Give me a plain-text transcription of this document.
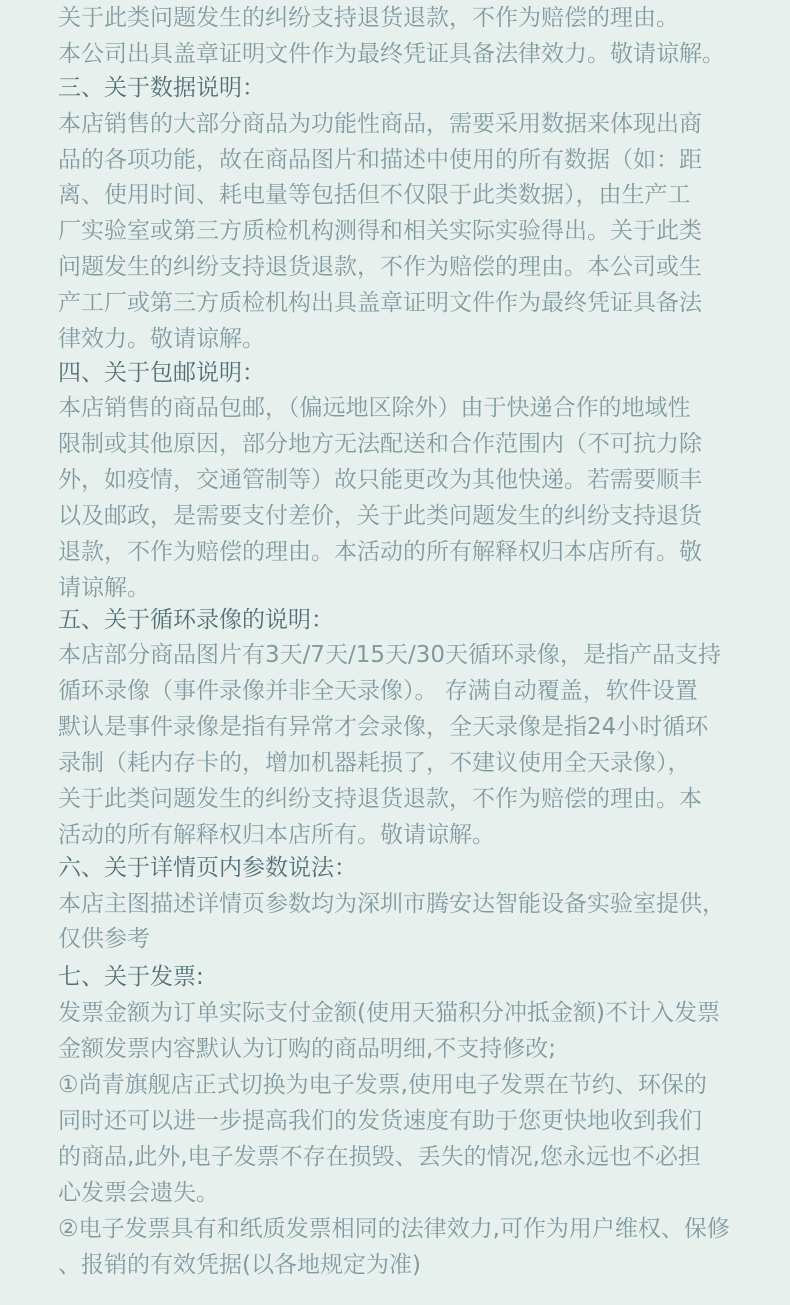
关于此类问题发生的纠纷支持退货退款，不作为赔偿的理由。
本公司出具盖章证明文件作为最终凭证具备法律效力。敬请谅解。
三、关于数据说明：
本店销售的大部分商品为功能性商品，需要采用数据来体现出商
品的各项功能，故在商品图片和描述中使用的所有数据（如：距
离、使用时间、耗电量等包括但不仅限于此类数据），由生产工
厂实验室或第三方质检机构测得和相关实际实验得出。关于此类
问题发生的纠纷支持退货退款，不作为赔偿的理由。本公司或生
产工厂或第三方质检机构出具盖章证明文件作为最终凭证具备法
律效力。敬请谅解。
四、关于包邮说明：
本店销售的商品包邮，（偏远地区除外）由于快递合作的地域性
限制或其他原因，部分地方无法配送和合作范围内（不可抗力除
外，如疫情，交通管制等）故只能更改为其他快递。若需要顺丰
以及邮政，是需要支付差价，关于此类问题发生的纠纷支持退货
退款，不作为赔偿的理由。本活动的所有解释权归本店所有。敬
请谅解。
五、关于循环录像的说明：
本店部分商品图片有3天/7天/15天/30天循环录像，是指产品支持
循环录像（事件录像并非全天录像）。 存满自动覆盖，软件设置
默认是事件录像是指有异常才会录像，全天录像是指24小时循环
录制（耗内存卡的，增加机器耗损了，不建议使用全天录像），
关于此类问题发生的纠纷支持退货退款，不作为赔偿的理由。本
活动的所有解释权归本店所有。敬请谅解。
六、关于详情页内参数说法：
本店主图描述详情页参数均为深圳市腾安达智能设备实验室提供，
仅供参考
七、关于发票:
发票金额为订单实际支付金额(使用天猫积分冲抵金额)不计入发票
金额发票内容默认为订购的商品明细,不支持修改;
①尚青旗舰店正式切换为电子发票,使用电子发票在节约、环保的
同时还可以进一步提高我们的发货速度有助于您更快地收到我们
的商品,此外,电子发票不存在损毁、丢失的情况,您永远也不必担
心发票会遗失。
②电子发票具有和纸质发票相同的法律效力,可作为用户维权、保修
、报销的有效凭据(以各地规定为准)
